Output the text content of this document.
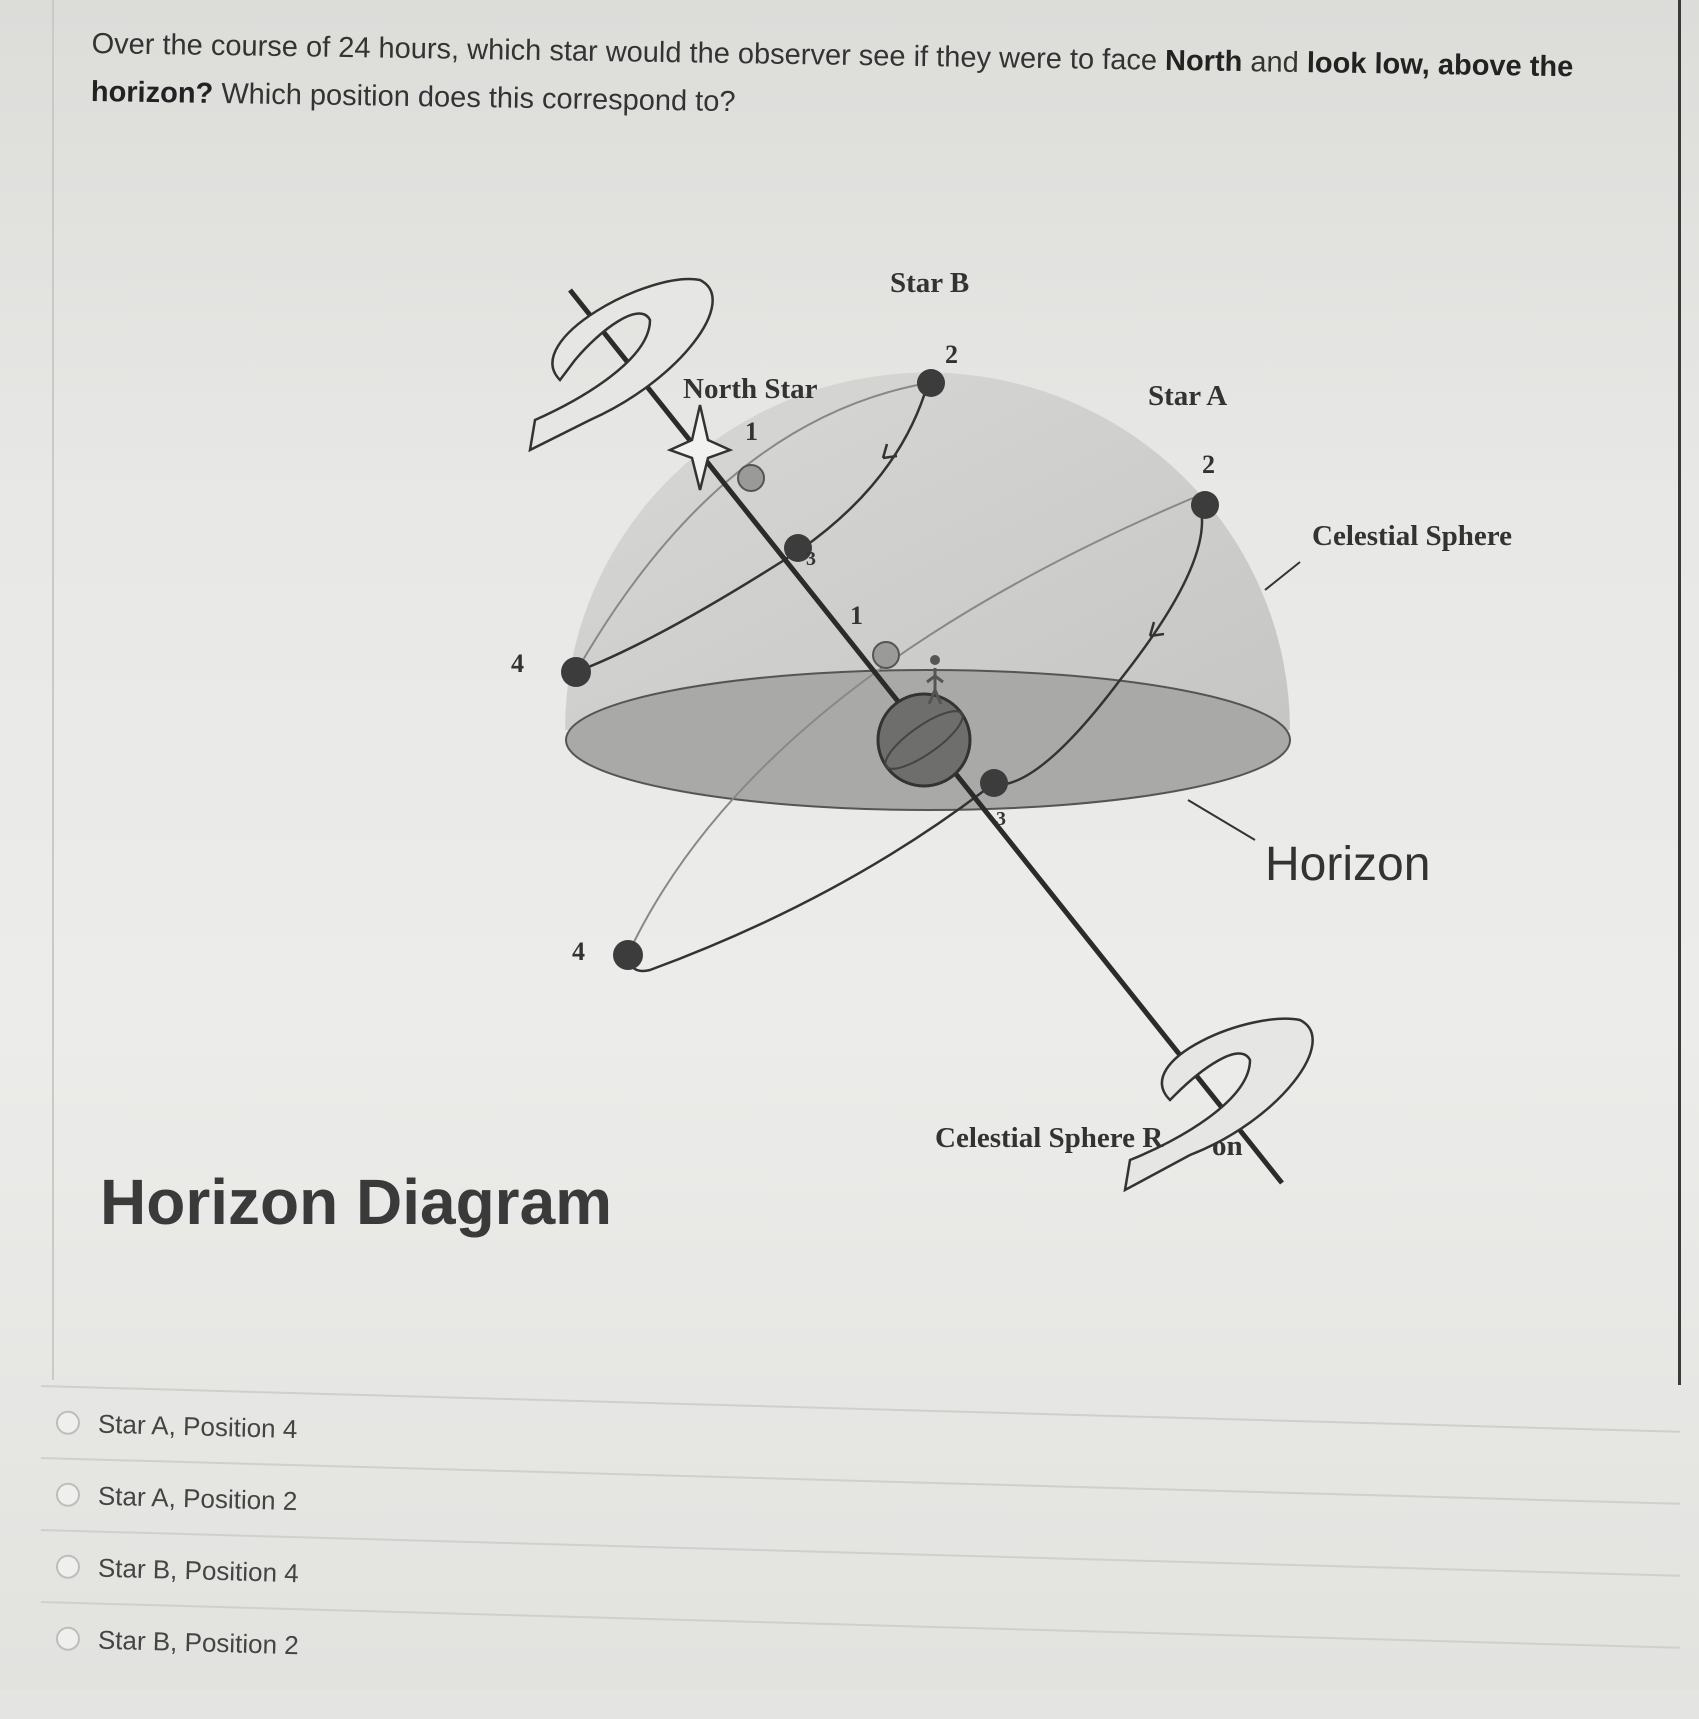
Over the course of 24 hours, which star would the observer see if they were to face North and look low, above the horizon? Which position does this correspond to?
Star B
Star A
North Star
Celestial Sphere
Horizon
Celestial Sphere R on
1
2
3
4
1
2
3
4
Horizon Diagram
Star A, Position 4
Star A, Position 2
Star B, Position 4
Star B, Position 2
